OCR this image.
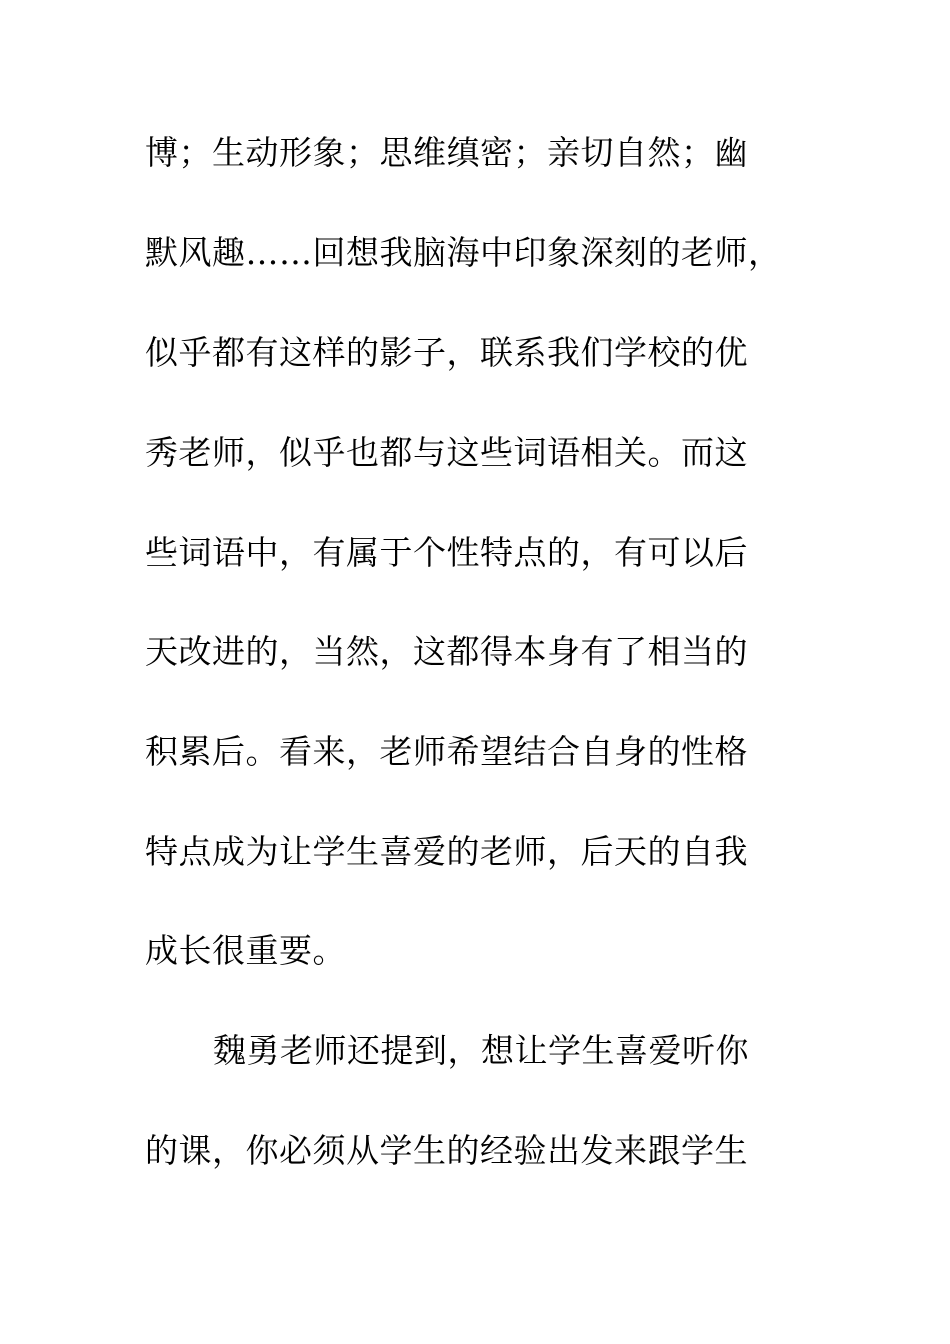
博；生动形象；思维缜密；亲切自然；幽
默风趣……回想我脑海中印象深刻的老师，
似乎都有这样的影子，联系我们学校的优
秀老师，似乎也都与这些词语相关。而这
些词语中，有属于个性特点的，有可以后
天改进的，当然，这都得本身有了相当的
积累后。看来，老师希望结合自身的性格
特点成为让学生喜爱的老师，后天的自我
成长很重要。
魏勇老师还提到，想让学生喜爱听你
的课，你必须从学生的经验出发来跟学生
